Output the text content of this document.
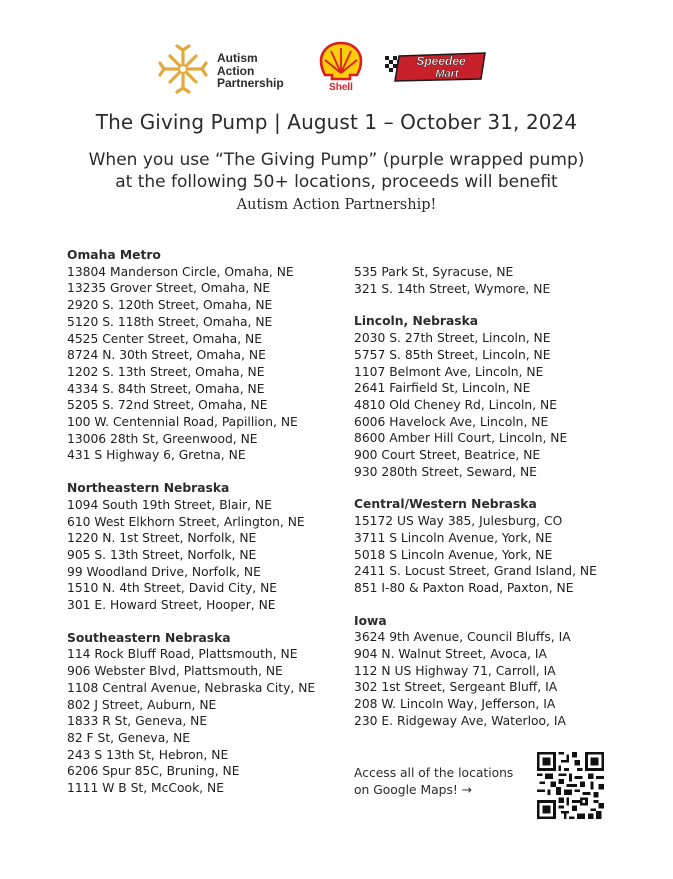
Autism
Action
Partnership	Shell
Speedee
Mart
The Giving Pump | August 1 – October 31, 2024
When you use “The Giving Pump” (purple wrapped pump)
at the following 50+ locations, proceeds will benefit
Autism Action Partnership!
Omaha Metro
13804 Manderson Circle, Omaha, NE
13235 Grover Street, Omaha, NE
2920 S. 120th Street, Omaha, NE
5120 S. 118th Street, Omaha, NE
4525 Center Street, Omaha, NE
8724 N. 30th Street, Omaha, NE
1202 S. 13th Street, Omaha, NE
4334 S. 84th Street, Omaha, NE
5205 S. 72nd Street, Omaha, NE
100 W. Centennial Road, Papillion, NE
13006 28th St, Greenwood, NE
431 S Highway 6, Gretna, NE
Northeastern Nebraska
1094 South 19th Street, Blair, NE
610 West Elkhorn Street, Arlington, NE
1220 N. 1st Street, Norfolk, NE
905 S. 13th Street, Norfolk, NE
99 Woodland Drive, Norfolk, NE
1510 N. 4th Street, David City, NE
301 E. Howard Street, Hooper, NE
Southeastern Nebraska
114 Rock Bluff Road, Plattsmouth, NE
906 Webster Blvd, Plattsmouth, NE
1108 Central Avenue, Nebraska City, NE
802 J Street, Auburn, NE
1833 R St, Geneva, NE
82 F St, Geneva, NE
243 S 13th St, Hebron, NE
6206 Spur 85C, Bruning, NE
1111 W B St, McCook, NE
535 Park St, Syracuse, NE
321 S. 14th Street, Wymore, NE
Lincoln, Nebraska
2030 S. 27th Street, Lincoln, NE
5757 S. 85th Street, Lincoln, NE
1107 Belmont Ave, Lincoln, NE
2641 Fairfield St, Lincoln, NE
4810 Old Cheney Rd, Lincoln, NE
6006 Havelock Ave, Lincoln, NE
8600 Amber Hill Court, Lincoln, NE
900 Court Street, Beatrice, NE
930 280th Street, Seward, NE
Central/Western Nebraska
15172 US Way 385, Julesburg, CO
3711 S Lincoln Avenue, York, NE
5018 S Lincoln Avenue, York, NE
2411 S. Locust Street, Grand Island, NE
851 I-80 & Paxton Road, Paxton, NE
Iowa
3624 9th Avenue, Council Bluffs, IA
904 N. Walnut Street, Avoca, IA
112 N US Highway 71, Carroll, IA
302 1st Street, Sergeant Bluff, IA
208 W. Lincoln Way, Jefferson, IA
230 E. Ridgeway Ave, Waterloo, IA
Access all of the locations
on Google Maps! →
